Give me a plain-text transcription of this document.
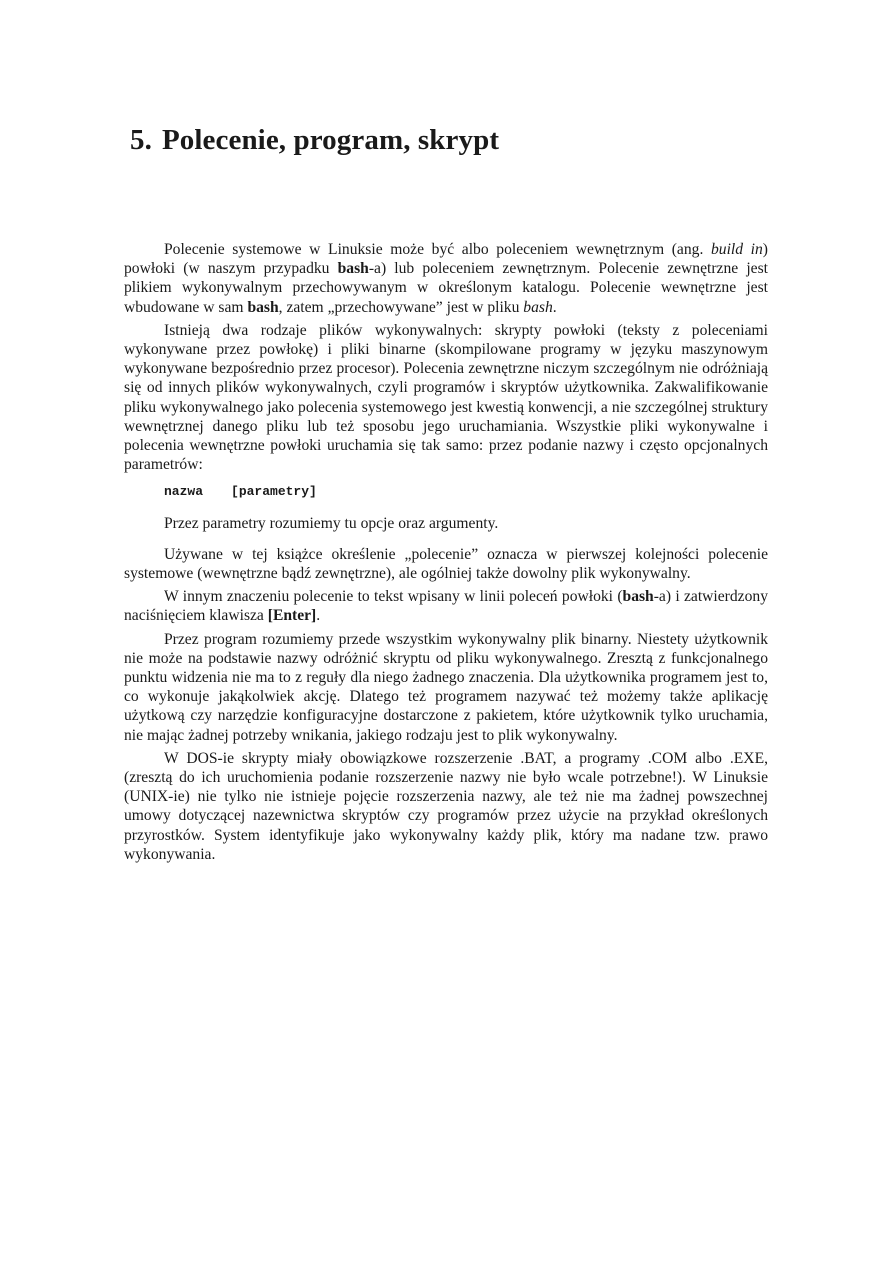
5. Polecenie, program, skrypt

Polecenie systemowe w Linuksie może być albo poleceniem wewnętrznym (ang. build in) powłoki (w naszym przypadku bash-a) lub poleceniem zewnętrznym. Polecenie zewnętrzne jest plikiem wykonywalnym przechowywanym w określonym katalogu. Polecenie wewnętrzne jest wbudowane w sam bash, zatem „przechowywane” jest w pliku bash.

Istnieją dwa rodzaje plików wykonywalnych: skrypty powłoki (teksty z poleceniami wykonywane przez powłokę) i pliki binarne (skompilowane programy w języku maszynowym wykonywane bezpośrednio przez procesor). Polecenia zewnętrzne niczym szczególnym nie odróżniają się od innych plików wykonywalnych, czyli programów i skryptów użytkownika. Zakwalifikowanie pliku wykonywalnego jako polecenia systemowego jest kwestią konwencji, a nie szczególnej struktury wewnętrznej danego pliku lub też sposobu jego uruchamiania. Wszystkie pliki wykonywalne i polecenia wewnętrzne powłoki uruchamia się tak samo: przez podanie nazwy i często opcjonalnych parametrów:

nazwa [parametry]

Przez parametry rozumiemy tu opcje oraz argumenty.

Używane w tej książce określenie „polecenie” oznacza w pierwszej kolejności polecenie systemowe (wewnętrzne bądź zewnętrzne), ale ogólniej także dowolny plik wykonywalny.

W innym znaczeniu polecenie to tekst wpisany w linii poleceń powłoki (bash-a) i zatwierdzony naciśnięciem klawisza [Enter].

Przez program rozumiemy przede wszystkim wykonywalny plik binarny. Niestety użytkownik nie może na podstawie nazwy odróżnić skryptu od pliku wykonywalnego. Zresztą z funkcjonalnego punktu widzenia nie ma to z reguły dla niego żadnego znaczenia. Dla użytkownika programem jest to, co wykonuje jakąkolwiek akcję. Dlatego też programem nazywać też możemy także aplikację użytkową czy narzędzie konfiguracyjne dostarczone z pakietem, które użytkownik tylko uruchamia, nie mając żadnej potrzeby wnikania, jakiego rodzaju jest to plik wykonywalny.

W DOS-ie skrypty miały obowiązkowe rozszerzenie .BAT, a programy .COM albo .EXE, (zresztą do ich uruchomienia podanie rozszerzenie nazwy nie było wcale potrzebne!). W Linuksie (UNIX-ie) nie tylko nie istnieje pojęcie rozszerzenia nazwy, ale też nie ma żadnej powszechnej umowy dotyczącej nazewnictwa skryptów czy programów przez użycie na przykład określonych przyrostków. System identyfikuje jako wykonywalny każdy plik, który ma nadane tzw. prawo wykonywania.
